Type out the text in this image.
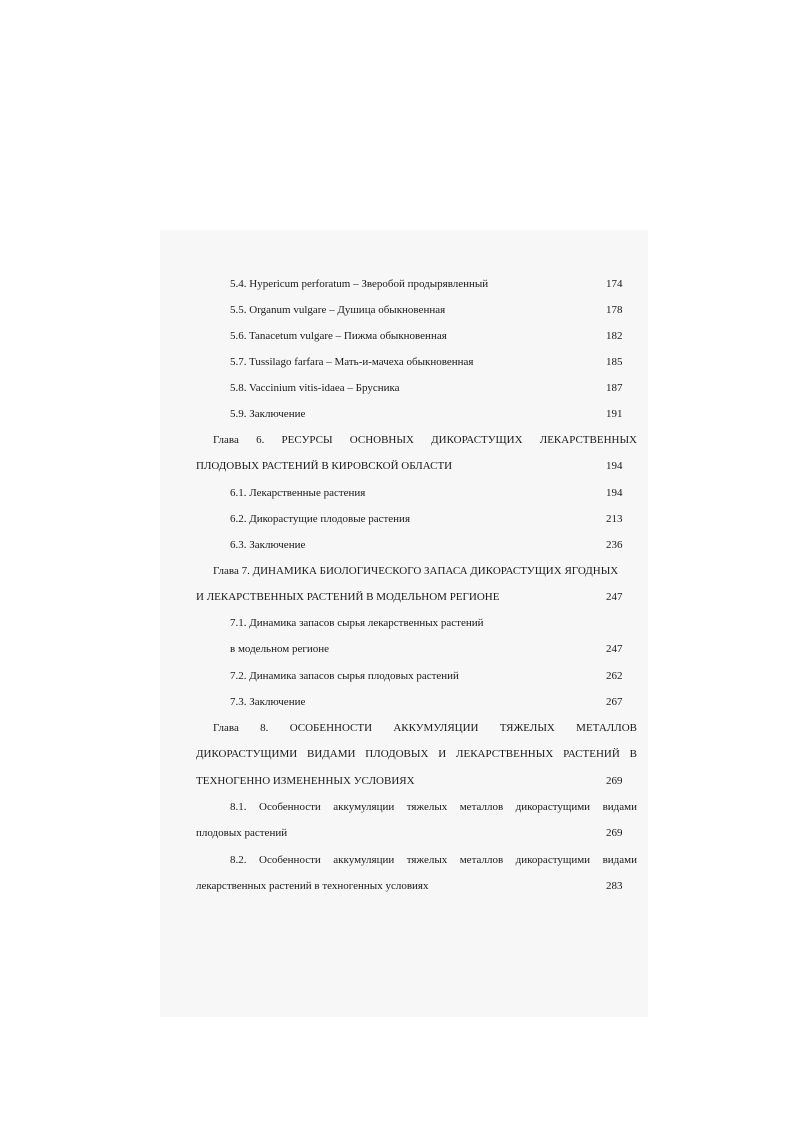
5.4. Hypericum perforatum – Зверобой продырявленный	174
5.5. Organum vulgare – Душица обыкновенная	178
5.6. Tanacetum vulgare – Пижма обыкновенная	182
5.7. Tussilago farfara – Мать-и-мачеха обыкновенная	185
5.8. Vaccinium vitis-idaea – Брусника	187
5.9. Заключение	191
Глава 6. РЕСУРСЫ ОСНОВНЫХ ДИКОРАСТУЩИХ ЛЕКАРСТВЕННЫХ
ПЛОДОВЫХ РАСТЕНИЙ В КИРОВСКОЙ ОБЛАСТИ	194
6.1. Лекарственные растения	194
6.2. Дикорастущие плодовые растения	213
6.3. Заключение	236
Глава 7. ДИНАМИКА БИОЛОГИЧЕСКОГО ЗАПАСА ДИКОРАСТУЩИХ ЯГОДНЫХ
И ЛЕКАРСТВЕННЫХ РАСТЕНИЙ В МОДЕЛЬНОМ РЕГИОНЕ	247
7.1. Динамика запасов сырья лекарственных растений
в модельном регионе	247
7.2. Динамика запасов сырья плодовых растений	262
7.3. Заключение	267
Глава 8. ОСОБЕННОСТИ АККУМУЛЯЦИИ ТЯЖЕЛЫХ МЕТАЛЛОВ
ДИКОРАСТУЩИМИ ВИДАМИ ПЛОДОВЫХ И ЛЕКАРСТВЕННЫХ РАСТЕНИЙ В
ТЕХНОГЕННО ИЗМЕНЕННЫХ УСЛОВИЯХ	269
8.1. Особенности аккумуляции тяжелых металлов дикорастущими видами
плодовых растений	269
8.2. Особенности аккумуляции тяжелых металлов дикорастущими видами
лекарственных растений в техногенных условиях	283
